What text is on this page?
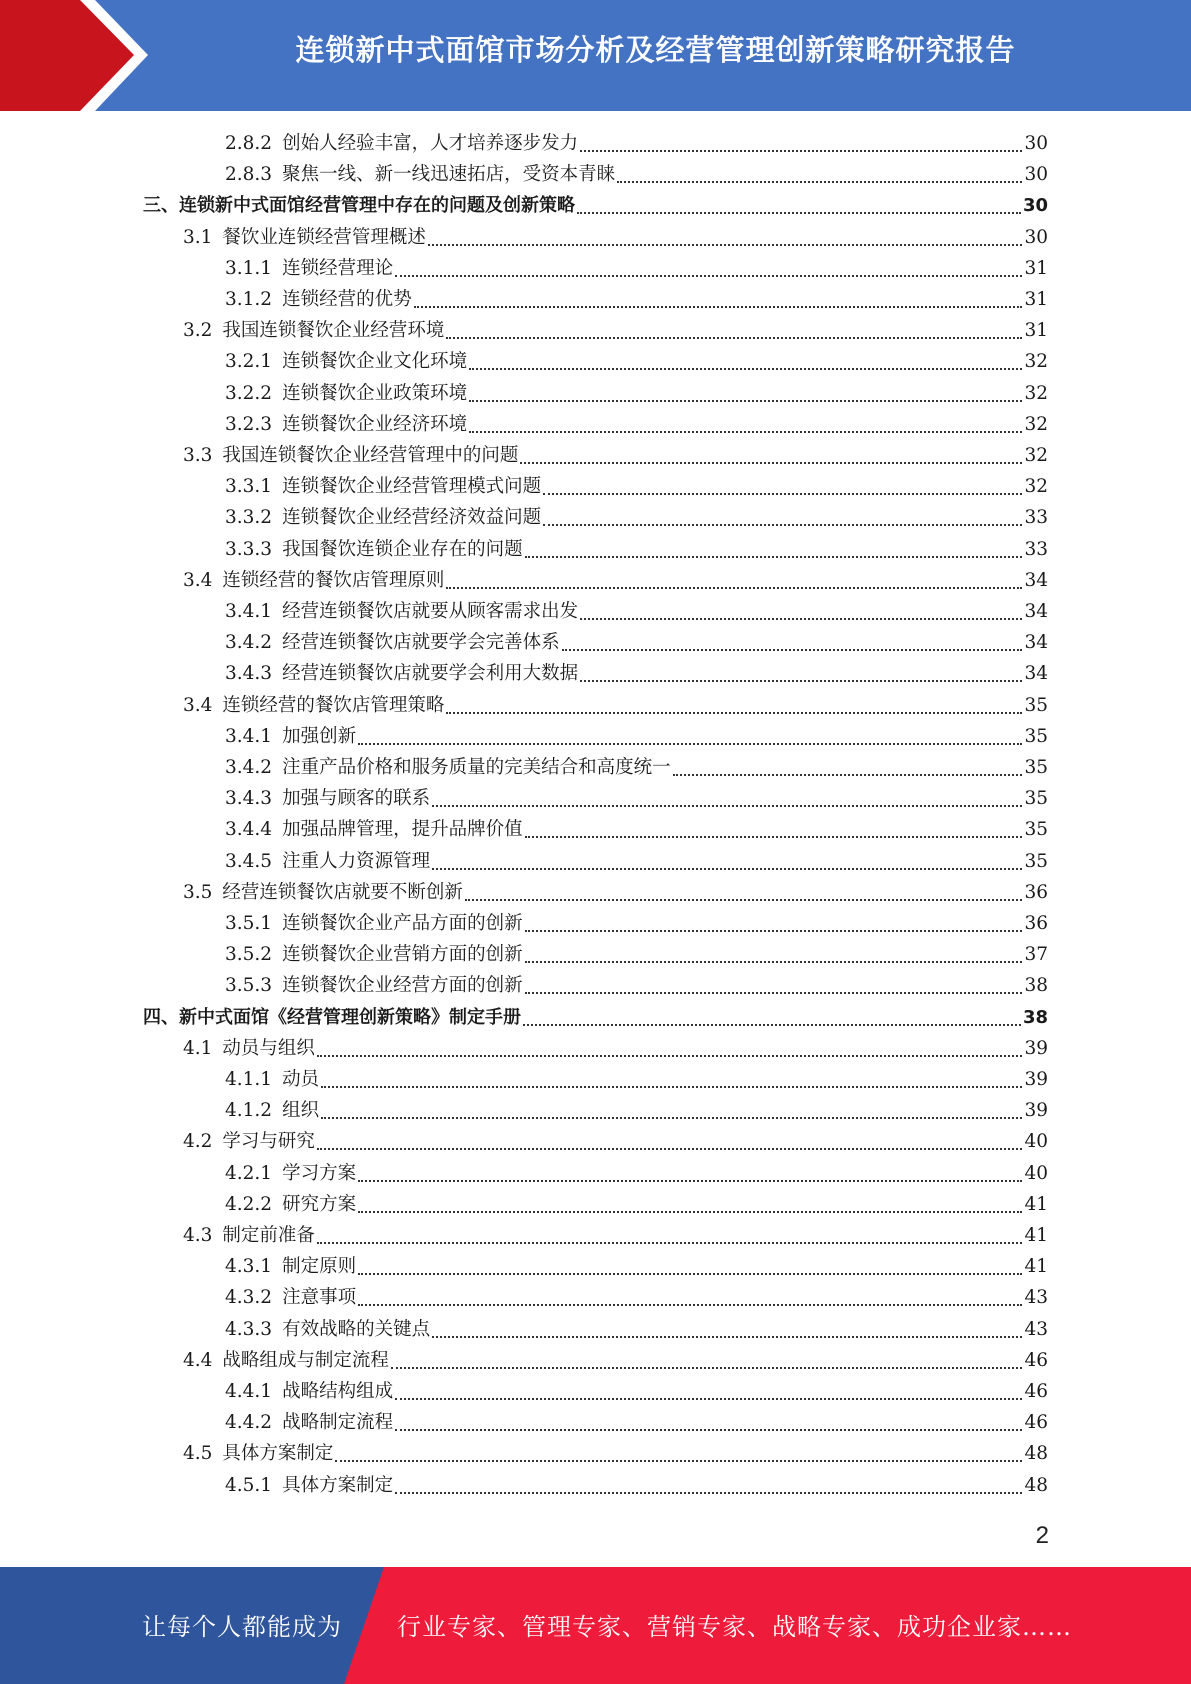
连锁新中式面馆市场分析及经营管理创新策略研究报告
2.8.2 创始人经验丰富，人才培养逐步发力	30
2.8.3 聚焦一线、新一线迅速拓店，受资本青睐	30
三、连锁新中式面馆经营管理中存在的问题及创新策略	30
3.1 餐饮业连锁经营管理概述	30
3.1.1 连锁经营理论	31
3.1.2 连锁经营的优势	31
3.2 我国连锁餐饮企业经营环境	31
3.2.1 连锁餐饮企业文化环境	32
3.2.2 连锁餐饮企业政策环境	32
3.2.3 连锁餐饮企业经济环境	32
3.3 我国连锁餐饮企业经营管理中的问题	32
3.3.1 连锁餐饮企业经营管理模式问题	32
3.3.2 连锁餐饮企业经营经济效益问题	33
3.3.3 我国餐饮连锁企业存在的问题	33
3.4 连锁经营的餐饮店管理原则	34
3.4.1 经营连锁餐饮店就要从顾客需求出发	34
3.4.2 经营连锁餐饮店就要学会完善体系	34
3.4.3 经营连锁餐饮店就要学会利用大数据	34
3.4 连锁经营的餐饮店管理策略	35
3.4.1 加强创新	35
3.4.2 注重产品价格和服务质量的完美结合和高度统一	35
3.4.3 加强与顾客的联系	35
3.4.4 加强品牌管理，提升品牌价值	35
3.4.5 注重人力资源管理	35
3.5 经营连锁餐饮店就要不断创新	36
3.5.1 连锁餐饮企业产品方面的创新	36
3.5.2 连锁餐饮企业营销方面的创新	37
3.5.3 连锁餐饮企业经营方面的创新	38
四、新中式面馆《经营管理创新策略》制定手册	38
4.1 动员与组织	39
4.1.1 动员	39
4.1.2 组织	39
4.2 学习与研究	40
4.2.1 学习方案	40
4.2.2 研究方案	41
4.3 制定前准备	41
4.3.1 制定原则	41
4.3.2 注意事项	43
4.3.3 有效战略的关键点	43
4.4 战略组成与制定流程	46
4.4.1 战略结构组成	46
4.4.2 战略制定流程	46
4.5 具体方案制定	48
4.5.1 具体方案制定	48
2
让每个人都能成为 行业专家、管理专家、营销专家、战略专家、成功企业家……
